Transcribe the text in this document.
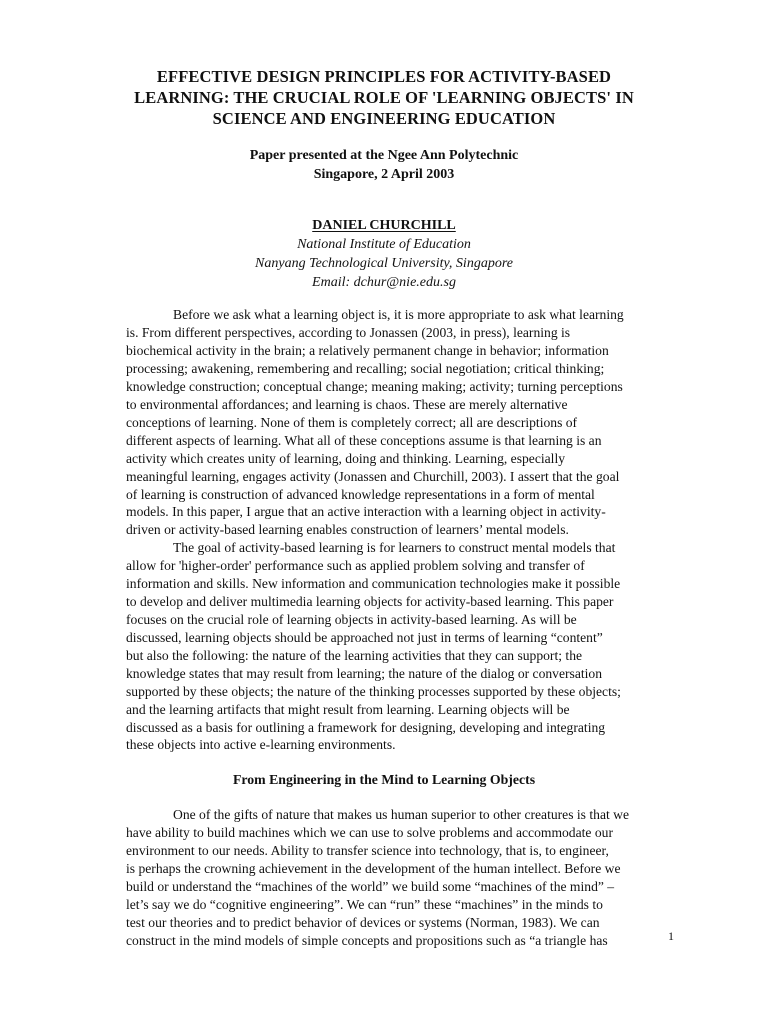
EFFECTIVE DESIGN PRINCIPLES FOR ACTIVITY-BASED
LEARNING: THE CRUCIAL ROLE OF 'LEARNING OBJECTS' IN
SCIENCE AND ENGINEERING EDUCATION
Paper presented at the Ngee Ann Polytechnic
Singapore, 2 April 2003
DANIEL CHURCHILL
National Institute of Education
Nanyang Technological University, Singapore
Email: dchur@nie.edu.sg
Before we ask what a learning object is, it is more appropriate to ask what learning
is. From different perspectives, according to Jonassen (2003, in press), learning is
biochemical activity in the brain; a relatively permanent change in behavior; information
processing; awakening, remembering and recalling; social negotiation; critical thinking;
knowledge construction; conceptual change; meaning making; activity; turning perceptions
to environmental affordances; and learning is chaos. These are merely alternative
conceptions of learning. None of them is completely correct; all are descriptions of
different aspects of learning. What all of these conceptions assume is that learning is an
activity which creates unity of learning, doing and thinking. Learning, especially
meaningful learning, engages activity (Jonassen and Churchill, 2003). I assert that the goal
of learning is construction of advanced knowledge representations in a form of mental
models. In this paper, I argue that an active interaction with a learning object in activity-
driven or activity-based learning enables construction of learners’ mental models.
The goal of activity-based learning is for learners to construct mental models that
allow for 'higher-order' performance such as applied problem solving and transfer of
information and skills. New information and communication technologies make it possible
to develop and deliver multimedia learning objects for activity-based learning. This paper
focuses on the crucial role of learning objects in activity-based learning. As will be
discussed, learning objects should be approached not just in terms of learning “content”
but also the following: the nature of the learning activities that they can support; the
knowledge states that may result from learning; the nature of the dialog or conversation
supported by these objects; the nature of the thinking processes supported by these objects;
and the learning artifacts that might result from learning. Learning objects will be
discussed as a basis for outlining a framework for designing, developing and integrating
these objects into active e-learning environments.
From Engineering in the Mind to Learning Objects
One of the gifts of nature that makes us human superior to other creatures is that we
have ability to build machines which we can use to solve problems and accommodate our
environment to our needs. Ability to transfer science into technology, that is, to engineer,
is perhaps the crowning achievement in the development of the human intellect. Before we
build or understand the “machines of the world” we build some “machines of the mind” –
let’s say we do “cognitive engineering”. We can “run” these “machines” in the minds to
test our theories and to predict behavior of devices or systems (Norman, 1983). We can
construct in the mind models of simple concepts and propositions such as “a triangle has	1
